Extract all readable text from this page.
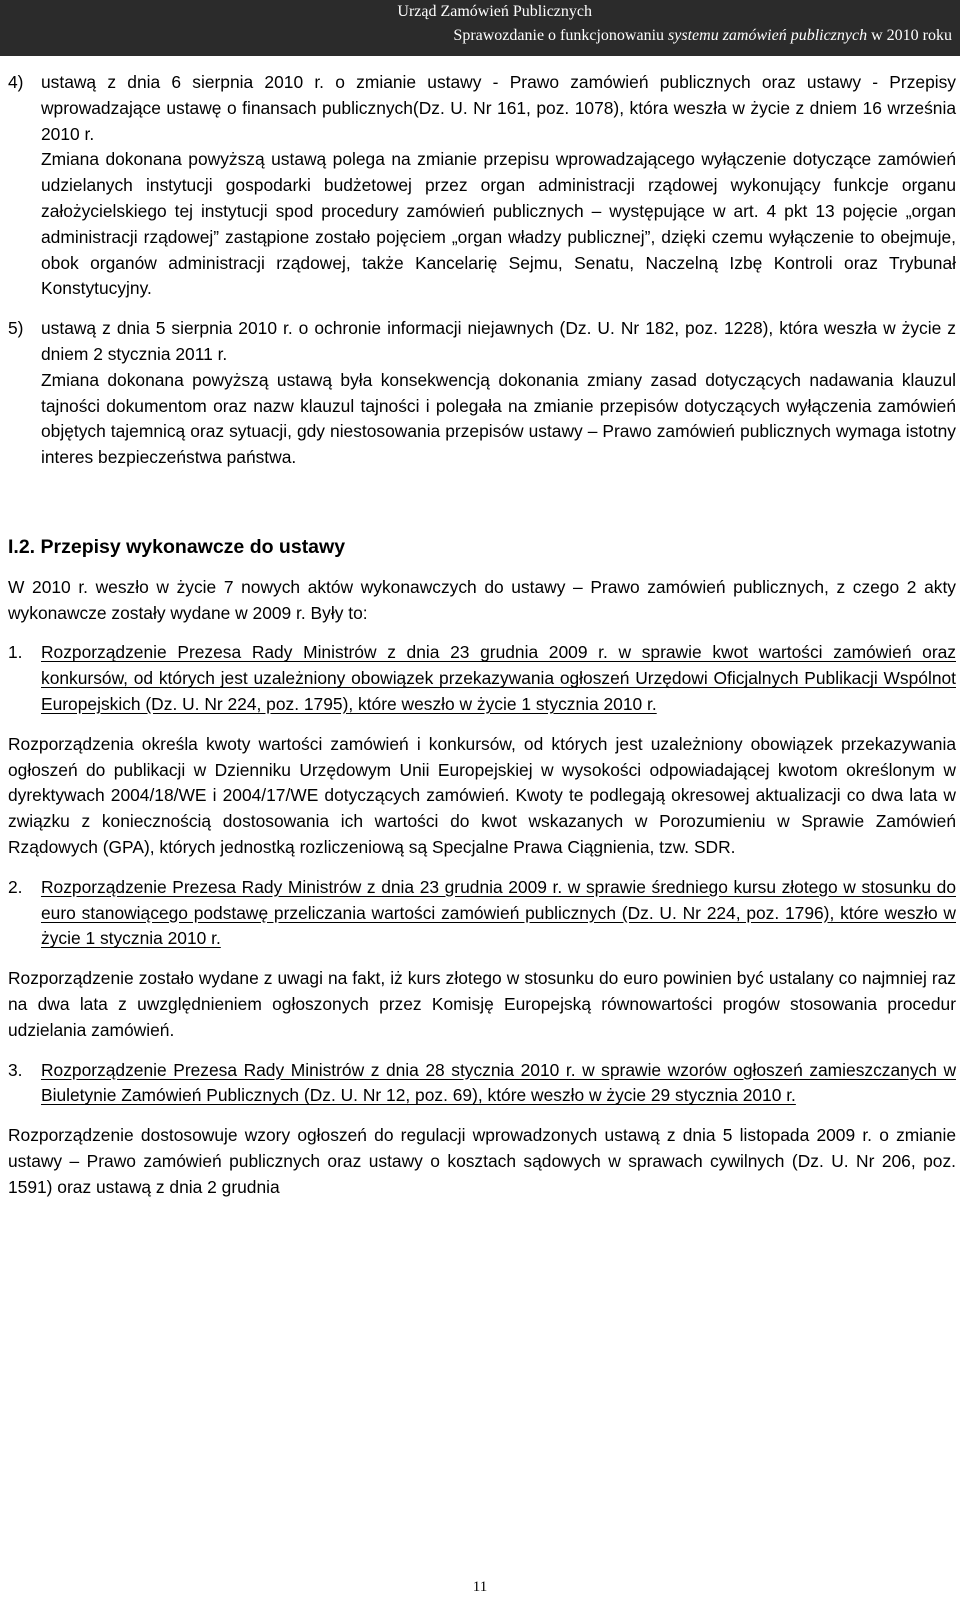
Urząd Zamówień Publicznych
Sprawozdanie o funkcjonowaniu systemu zamówień publicznych w 2010 roku
4)	ustawą z dnia 6 sierpnia 2010 r. o zmianie ustawy - Prawo zamówień publicznych oraz ustawy - Przepisy wprowadzające ustawę o finansach publicznych(Dz. U. Nr 161, poz. 1078), która weszła w życie z dniem 16 września 2010 r.

Zmiana dokonana powyższą ustawą polega na zmianie przepisu wprowadzającego wyłączenie dotyczące zamówień udzielanych instytucji gospodarki budżetowej przez organ administracji rządowej wykonujący funkcje organu założycielskiego tej instytucji spod procedury zamówień publicznych – występujące w art. 4 pkt 13 pojęcie „organ administracji rządowej” zastąpione zostało pojęciem „organ władzy publicznej”, dzięki czemu wyłączenie to obejmuje, obok organów administracji rządowej, także Kancelarię Sejmu, Senatu, Naczelną Izbę Kontroli oraz Trybunał Konstytucyjny.

5)	ustawą z dnia 5 sierpnia 2010 r. o ochronie informacji niejawnych (Dz. U. Nr 182, poz. 1228), która weszła w życie z dniem 2 stycznia 2011 r.

Zmiana dokonana powyższą ustawą była konsekwencją dokonania zmiany zasad dotyczących nadawania klauzul tajności dokumentom oraz nazw klauzul tajności i polegała na zmianie przepisów dotyczących wyłączenia zamówień objętych tajemnicą oraz sytuacji, gdy niestosowania przepisów ustawy – Prawo zamówień publicznych wymaga istotny interes bezpieczeństwa państwa.

I.2. Przepisy wykonawcze do ustawy

W 2010 r. weszło w życie 7 nowych aktów wykonawczych do ustawy – Prawo zamówień publicznych, z czego 2 akty wykonawcze zostały wydane w 2009 r. Były to:

1.	Rozporządzenie Prezesa Rady Ministrów z dnia 23 grudnia 2009 r. w sprawie kwot wartości zamówień oraz konkursów, od których jest uzależniony obowiązek przekazywania ogłoszeń Urzędowi Oficjalnych Publikacji Wspólnot Europejskich (Dz. U. Nr 224, poz. 1795), które weszło w życie 1 stycznia 2010 r.

Rozporządzenia określa kwoty wartości zamówień i konkursów, od których jest uzależniony obowiązek przekazywania ogłoszeń do publikacji w Dzienniku Urzędowym Unii Europejskiej w wysokości odpowiadającej kwotom określonym w dyrektywach 2004/18/WE i 2004/17/WE dotyczących zamówień. Kwoty te podlegają okresowej aktualizacji co dwa lata w związku z koniecznością dostosowania ich wartości do kwot wskazanych w Porozumieniu w Sprawie Zamówień Rządowych (GPA), których jednostką rozliczeniową są Specjalne Prawa Ciągnienia, tzw. SDR.

2.	Rozporządzenie Prezesa Rady Ministrów z dnia 23 grudnia 2009 r. w sprawie średniego kursu złotego w stosunku do euro stanowiącego podstawę przeliczania wartości zamówień publicznych (Dz. U. Nr 224, poz. 1796), które weszło w życie 1 stycznia 2010 r.

Rozporządzenie zostało wydane z uwagi na fakt, iż kurs złotego w stosunku do euro powinien być ustalany co najmniej raz na dwa lata z uwzględnieniem ogłoszonych przez Komisję Europejską równowartości progów stosowania procedur udzielania zamówień.

3.	Rozporządzenie Prezesa Rady Ministrów z dnia 28 stycznia 2010 r. w sprawie wzorów ogłoszeń zamieszczanych w Biuletynie Zamówień Publicznych (Dz. U. Nr 12, poz. 69), które weszło w życie 29 stycznia 2010 r.

Rozporządzenie dostosowuje wzory ogłoszeń do regulacji wprowadzonych ustawą z dnia 5 listopada 2009 r. o zmianie ustawy – Prawo zamówień publicznych oraz ustawy o kosztach sądowych w sprawach cywilnych (Dz. U. Nr 206, poz. 1591) oraz ustawą z dnia 2 grudnia

11
